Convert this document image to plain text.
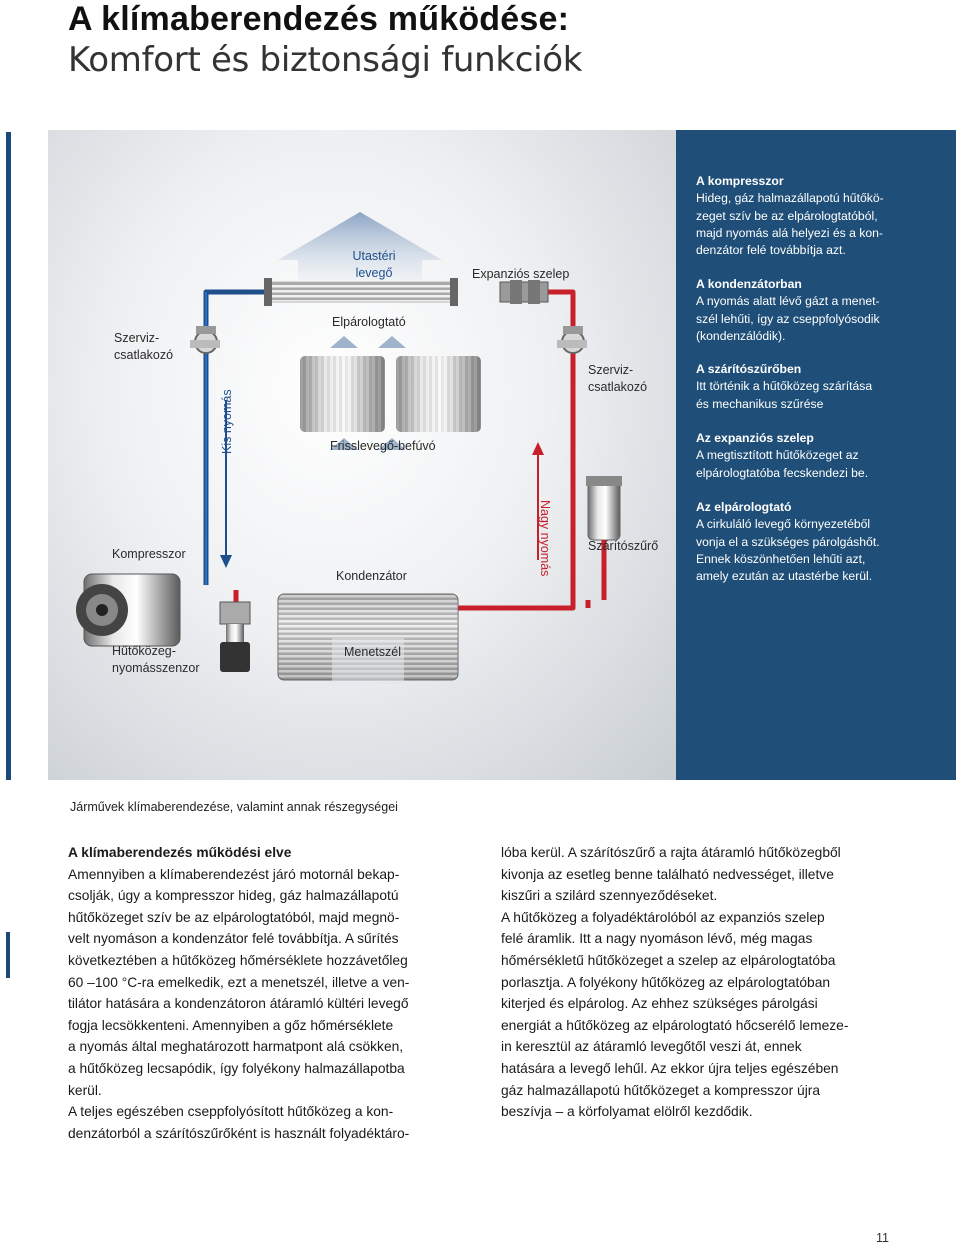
A klímaberendezés működése:
Komfort és biztonsági funkciók
Szerviz-
csatlakozó
Kis nyomás
Utastéri
levegő
Elpárologtató
Expanziós szelep
Szerviz-
csatlakozó
Frisslevegő-befúvó
Nagy nyomás
Kompresszor
Kondenzátor
Szárítószűrő
Hűtőközeg-
nyomásszenzor
Menetszél
A kompresszor
Hideg, gáz halmazállapotú hűtőkö-
zeget szív be az elpárologtatóból,
majd nyomás alá helyezi és a kon-
denzátor felé továbbítja azt.
A kondenzátorban
A nyomás alatt lévő gázt a menet-
szél lehűti, így az cseppfolyósodik
(kondenzálódik).
A szárítószűrőben
Itt történik a hűtőközeg szárítása
és mechanikus szűrése
Az expanziós szelep
A megtisztított hűtőközeget az
elpárologtatóba fecskendezi be.
Az elpárologtató
A cirkuláló levegő környezetéből
vonja el a szükséges párolgáshőt.
Ennek köszönhetően lehűti azt,
amely ezután az utastérbe kerül.
Járművek klímaberendezése, valamint annak részegységei
A klímaberendezés működési elve
Amennyiben a klímaberendezést járó motornál bekap-
csolják, úgy a kompresszor hideg, gáz halmazállapotú
hűtőközeget szív be az elpárologtatóból, majd megnö-
velt nyomáson a kondenzátor felé továbbítja. A sűrítés
következtében a hűtőközeg hőmérséklete hozzávetőleg
60 –100 °C-ra emelkedik, ezt a menetszél, illetve a ven-
tilátor hatására a kondenzátoron átáramló kültéri levegő
fogja lecsökkenteni. Amennyiben a gőz hőmérséklete
a nyomás által meghatározott harmatpont alá csökken,
a hűtőközeg lecsapódik, így folyékony halmazállapotba
kerül.
A teljes egészében cseppfolyósított hűtőközeg a kon-
denzátorból a szárítószűrőként is használt folyadéktáro-
lóba kerül. A szárítószűrő a rajta átáramló hűtőközegből
kivonja az esetleg benne található nedvességet, illetve
kiszűri a szilárd szennyeződéseket.
A hűtőközeg a folyadéktárolóból az expanziós szelep
felé áramlik. Itt a nagy nyomáson lévő, még magas
hőmérsékletű hűtőközeget a szelep az elpárologtatóba
porlasztja. A folyékony hűtőközeg az elpárologtatóban
kiterjed és elpárolog. Az ehhez szükséges párolgási
energiát a hűtőközeg az elpárologtató hőcserélő lemeze-
in keresztül az átáramló levegőtől veszi át, ennek
hatására a levegő lehűl. Az ekkor újra teljes egészében
gáz halmazállapotú hűtőközeget a kompresszor újra
beszívja – a körfolyamat elölről kezdődik.
11
